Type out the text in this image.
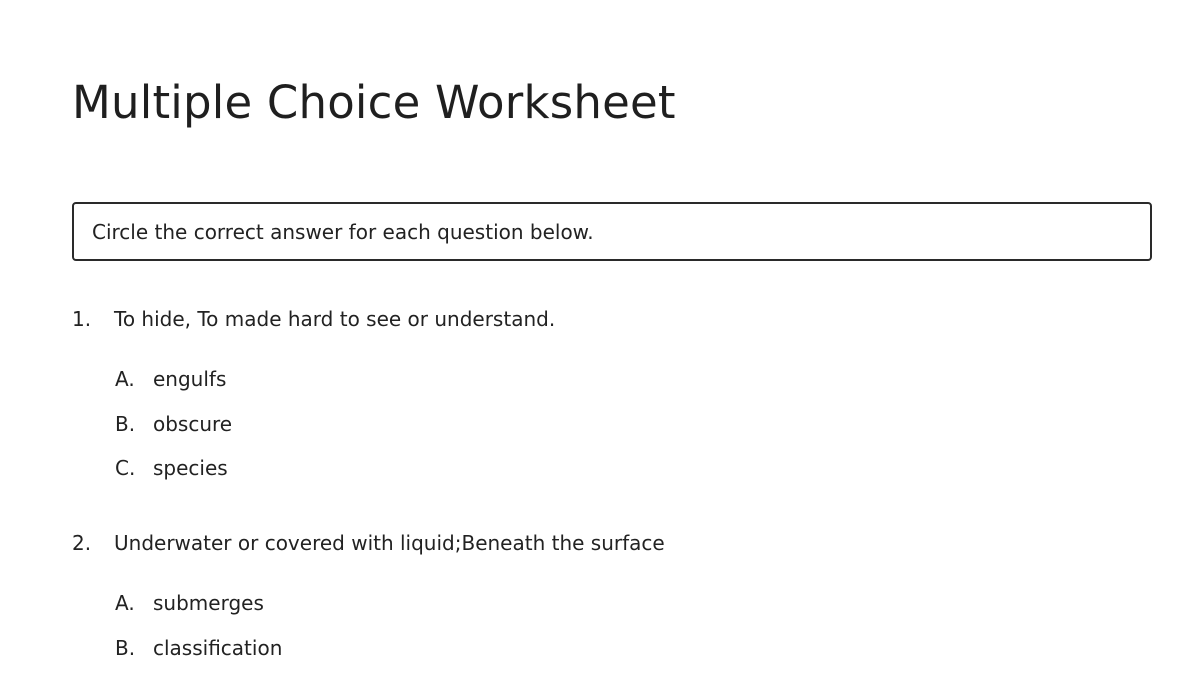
Multiple Choice Worksheet
Circle the correct answer for each question below.
1.	To hide, To made hard to see or understand.
A. engulfs
B. obscure
C. species
2.	Underwater or covered with liquid;Beneath the surface
A. submerges
B. classification
